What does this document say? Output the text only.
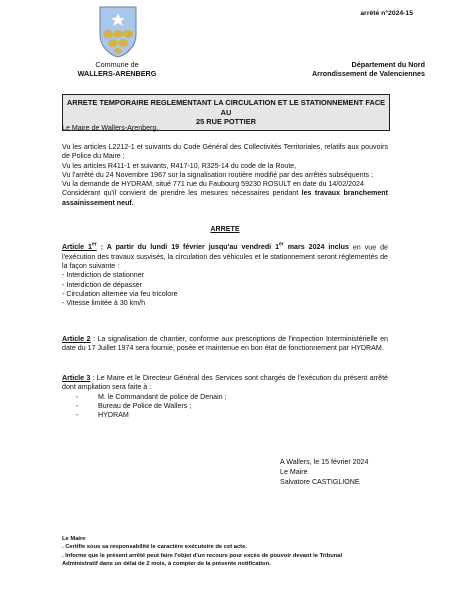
arrêté n°2024-15
Commune de
WALLERS-ARENBERG
Département du Nord
Arrondissement de Valenciennes
ARRETE TEMPORAIRE REGLEMENTANT LA CIRCULATION ET LE STATIONNEMENT FACE AU
25 RUE POTTIER

Le Maire de Wallers-Arenberg,

Vu les articles L2212-1 et suivants du Code Général des Collectivités Territoriales, relatifs aux pouvoirs de Police du Maire ;

Vu les articles R411-1 et suivants, R417-10, R325-14 du code de la Route,

Vu l'arrêté du 24 Novembre 1967 sur la signalisation routière modifié par des arrêtés subséquents ;

Vu la demande de HYDRAM, situé 771 rue du Faubourg 59230 ROSULT en date du 14/02/2024

Considérant qu'il convient de prendre les mesures nécessaires pendant les travaux branchement assainissement neuf.

ARRETE

Article 1er : A partir du lundi 19 février jusqu'au vendredi 1er mars 2024 inclus en vue de l'exécution des travaux susvisés, la circulation des véhicules et le stationnement seront réglementés de la façon suivante :

- Interdiction de stationner
- Interdiction de dépasser
- Circulation alternée via feu tricolore
- Vitesse limitée à 30 km/h

Article 2 : La signalisation de chantier, conforme aux prescriptions de l'inspection Interministérielle en date du 17 Juillet 1974 sera fournie, posée et maintenue en bon état de fonctionnement par HYDRAM.

Article 3 : Le Maire et le Directeur Général des Services sont chargés de l'exécution du présent arrêté dont ampliation sera faite à :

-	M. le Commandant de police de Denain ;
-	Bureau de Police de Wallers ;
-	HYDRAM
A Wallers, le 15 février 2024
Le Maire
Salvatore CASTIGLIONE
Le Maire
. Certifie sous sa responsabilité le caractère exécutoire de cet acte.
. Informe que le présent arrêté peut faire l'objet d'un recours pour excès de pouvoir devant le Tribunal
Administratif dans un délai de 2 mois, à compter de la présente notification.
